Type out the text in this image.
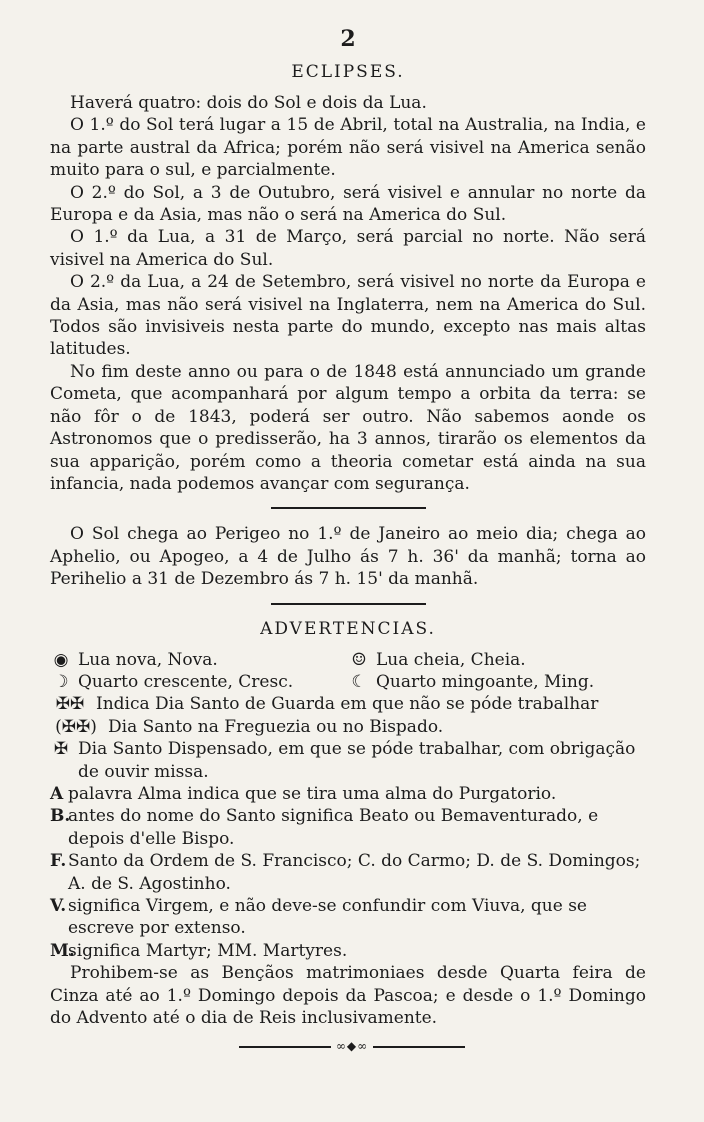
2
ECLIPSES.

Haverá quatro: dois do Sol e dois da Lua.

O 1.º do Sol terá lugar a 15 de Abril, total na Australia, na India, e na parte austral da Africa; porém não será visivel na America senão muito para o sul, e parcialmente.

O 2.º do Sol, a 3 de Outubro, será visivel e annular no norte da Europa e da Asia, mas não o será na America do Sul.

O 1.º da Lua, a 31 de Março, será parcial no norte. Não será visivel na America do Sul.

O 2.º da Lua, a 24 de Setembro, será visivel no norte da Europa e da Asia, mas não será visivel na Inglaterra, nem na America do Sul. Todos são invisiveis nesta parte do mundo, excepto nas mais altas latitudes.

No fim deste anno ou para o de 1848 está annunciado um grande Cometa, que acompanhará por algum tempo a orbita da terra: se não fôr o de 1843, poderá ser outro. Não sabemos aonde os Astronomos que o predisserão, ha 3 annos, tirarão os elementos da sua apparição, porém como a theoria cometar está ainda na sua infancia, nada podemos avançar com segurança.

O Sol chega ao Perigeo no 1.º de Janeiro ao meio dia; chega ao Aphelio, ou Apogeo, a 4 de Julho ás 7 h. 36' da manhã; torna ao Perihelio a 31 de Dezembro ás 7 h. 15' da manhã.

ADVERTENCIAS.
◉ Lua nova, Nova.	☺ Lua cheia, Cheia.
☽ Quarto crescente, Cresc.	☾ Quarto mingoante, Ming.
✠✠ Indica Dia Santo de Guarda em que não se póde trabalhar
(✠✠) Dia Santo na Freguezia ou no Bispado.
✠ Dia Santo Dispensado, em que se póde trabalhar, com obrigação de ouvir missa.
A palavra Alma indica que se tira uma alma do Purgatorio.
B.
antes do nome do Santo significa Beato ou Bemaventurado, e depois d'elle Bispo.
F. Santo da Ordem de S. Francisco; C. do Carmo; D. de S. Domingos; A. de S. Agostinho.
V. significa Virgem, e não deve-se confundir com Viuva, que se escreve por extenso.
M.
significa Martyr; MM. Martyres.

Prohibem-se as Bençãos matrimoniaes desde Quarta feira de Cinza até ao 1.º Domingo depois da Pascoa; e desde o 1.º Domingo do Advento até o dia de Reis inclusivamente.

∞◆∞
